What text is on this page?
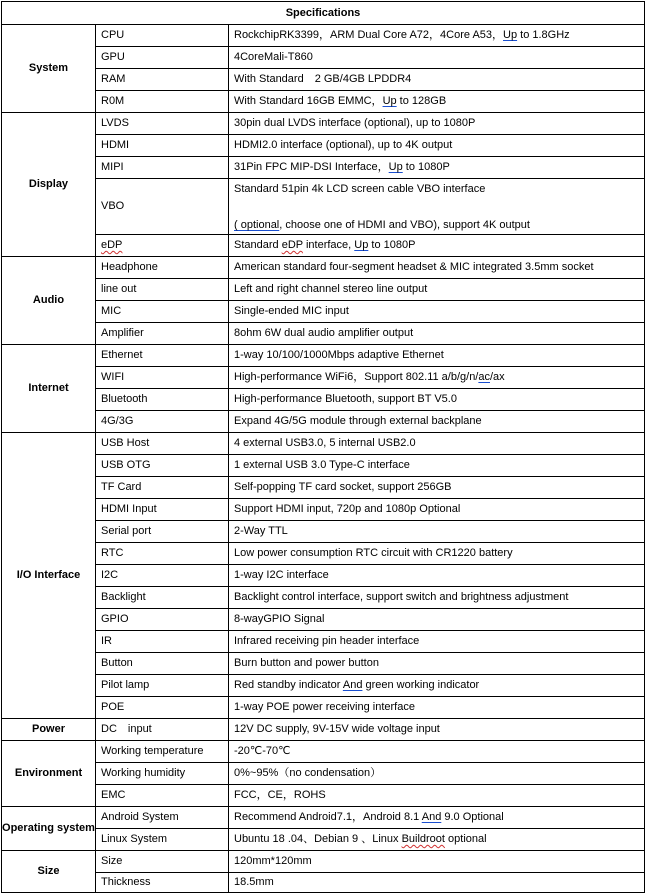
Specifications		
System	CPU	RockchipRK3399，ARM Dual Core A72，4Core A53，Up to 1.8GHz
	GPU	4CoreMali-T860
	RAM	With Standard　2 GB/4GB LPDDR4
	R0M	With Standard 16GB EMMC，Up to 128GB
Display	LVDS	30pin dual LVDS interface (optional), up to 1080P
	HDMI	HDMI2.0 interface (optional), up to 4K output
	MIPI	31Pin FPC MIP-DSI Interface，Up to 1080P
	VBO	Standard 51pin 4k LCD screen cable VBO interface
( optional, choose one of HDMI and VBO), support 4K output

	eDP	Standard eDP interface, Up to 1080P
Audio	Headphone	American standard four-segment headset & MIC integrated 3.5mm socket
	line out	Left and right channel stereo line output
	MIC	Single-ended MIC input
	Amplifier	8ohm 6W dual audio amplifier output
Internet	Ethernet	1-way 10/100/1000Mbps adaptive Ethernet
	WIFI	High-performance WiFi6，Support 802.11 a/b/g/n/ac/ax
	Bluetooth	High-performance Bluetooth, support BT V5.0
	4G/3G	Expand 4G/5G module through external backplane
I/O Interface	USB Host	4 external USB3.0, 5 internal USB2.0
	USB OTG	1 external USB 3.0 Type-C interface
	TF Card	Self-popping TF card socket, support 256GB
	HDMI Input	Support HDMI input, 720p and 1080p Optional
	Serial port	2-Way TTL
	RTC	Low power consumption RTC circuit with CR1220 battery
	I2C	1-way I2C interface
	Backlight	Backlight control interface, support switch and brightness adjustment
	GPIO	8-wayGPIO Signal
	IR	Infrared receiving pin header interface
	Button	Burn button and power button
	Pilot lamp	Red standby indicator And green working indicator
	POE	1-way POE power receiving interface
Power	DC　input	12V DC supply, 9V-15V wide voltage input
Environment	Working temperature	-20℃-70℃
	Working humidity	0%~95%（no condensation）
	EMC	FCC，CE，ROHS
Operating system	Android System	Recommend Android7.1，Android 8.1 And 9.0 Optional
	Linux System	Ubuntu 18 .04、Debian 9 、Linux Buildroot optional
Size	Size	120mm*120mm
	Thickness	18.5mm
